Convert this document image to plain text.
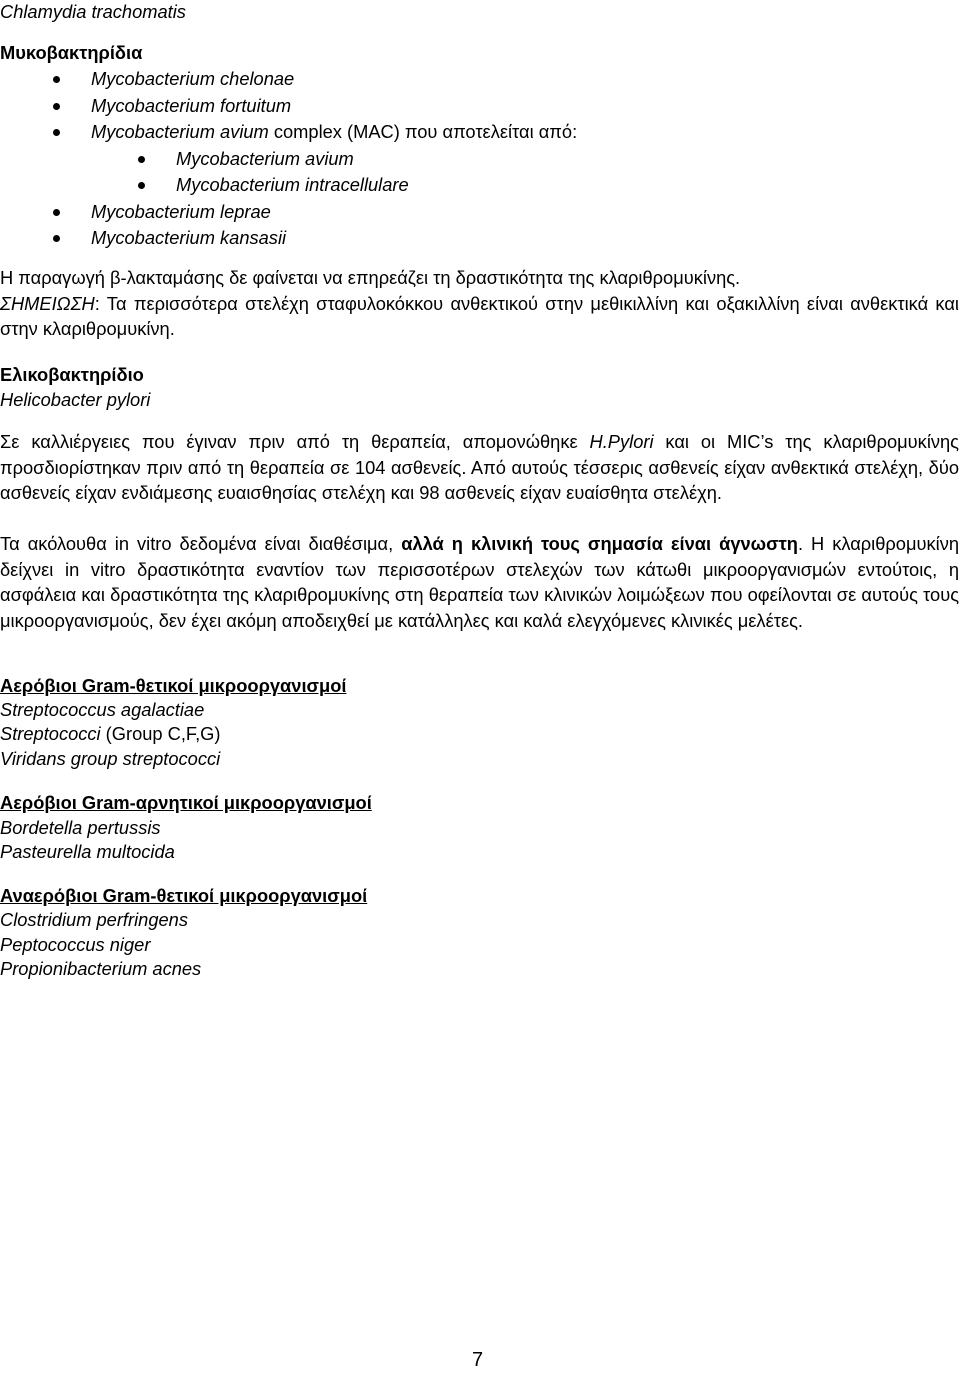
Chlamydia trachomatis
Μυκοβακτηρίδια
Mycobacterium chelonae
Mycobacterium fortuitum
Mycobacterium avium complex (MAC) που αποτελείται από:
Mycobacterium avium
Mycobacterium intracellulare
Mycobacterium leprae
Mycobacterium kansasii
Η παραγωγή β-λακταμάσης δε φαίνεται να επηρεάζει τη δραστικότητα της κλαριθρομυκίνης.
ΣΗΜΕΙΩΣΗ: Τα περισσότερα στελέχη σταφυλοκόκκου ανθεκτικού στην μεθικιλλίνη και οξακιλλίνη είναι ανθεκτικά και στην κλαριθρομυκίνη.
Ελικοβακτηρίδιο
Helicobacter pylori
Σε καλλιέργειες που έγιναν πριν από τη θεραπεία, απομονώθηκε H.Pylori και οι MIC’s της κλαριθρομυκίνης προσδιορίστηκαν πριν από τη θεραπεία σε 104 ασθενείς. Από αυτούς τέσσερις ασθενείς είχαν ανθεκτικά στελέχη, δύο ασθενείς είχαν ενδιάμεσης ευαισθησίας στελέχη και 98 ασθενείς είχαν ευαίσθητα στελέχη.
Τα ακόλουθα in vitro δεδομένα είναι διαθέσιμα, αλλά η κλινική τους σημασία είναι άγνωστη. Η κλαριθρομυκίνη δείχνει in vitro δραστικότητα εναντίον των περισσοτέρων στελεχών των κάτωθι μικροοργανισμών εντούτοις, η ασφάλεια και δραστικότητα της κλαριθρομυκίνης στη θεραπεία των κλινικών λοιμώξεων που οφείλονται σε αυτούς τους μικροοργανισμούς, δεν έχει ακόμη αποδειχθεί με κατάλληλες και καλά ελεγχόμενες κλινικές μελέτες.
Αερόβιοι Gram-θετικοί μικροοργανισμοί
Streptococcus agalactiae
Streptococci (Group C,F,G)
Viridans group streptococci
Αερόβιοι Gram-αρνητικοί μικροοργανισμοί
Bordetella pertussis
Pasteurella multocida
Αναερόβιοι Gram-θετικοί μικροοργανισμοί
Clostridium perfringens
Peptococcus niger
Propionibacterium acnes
7
